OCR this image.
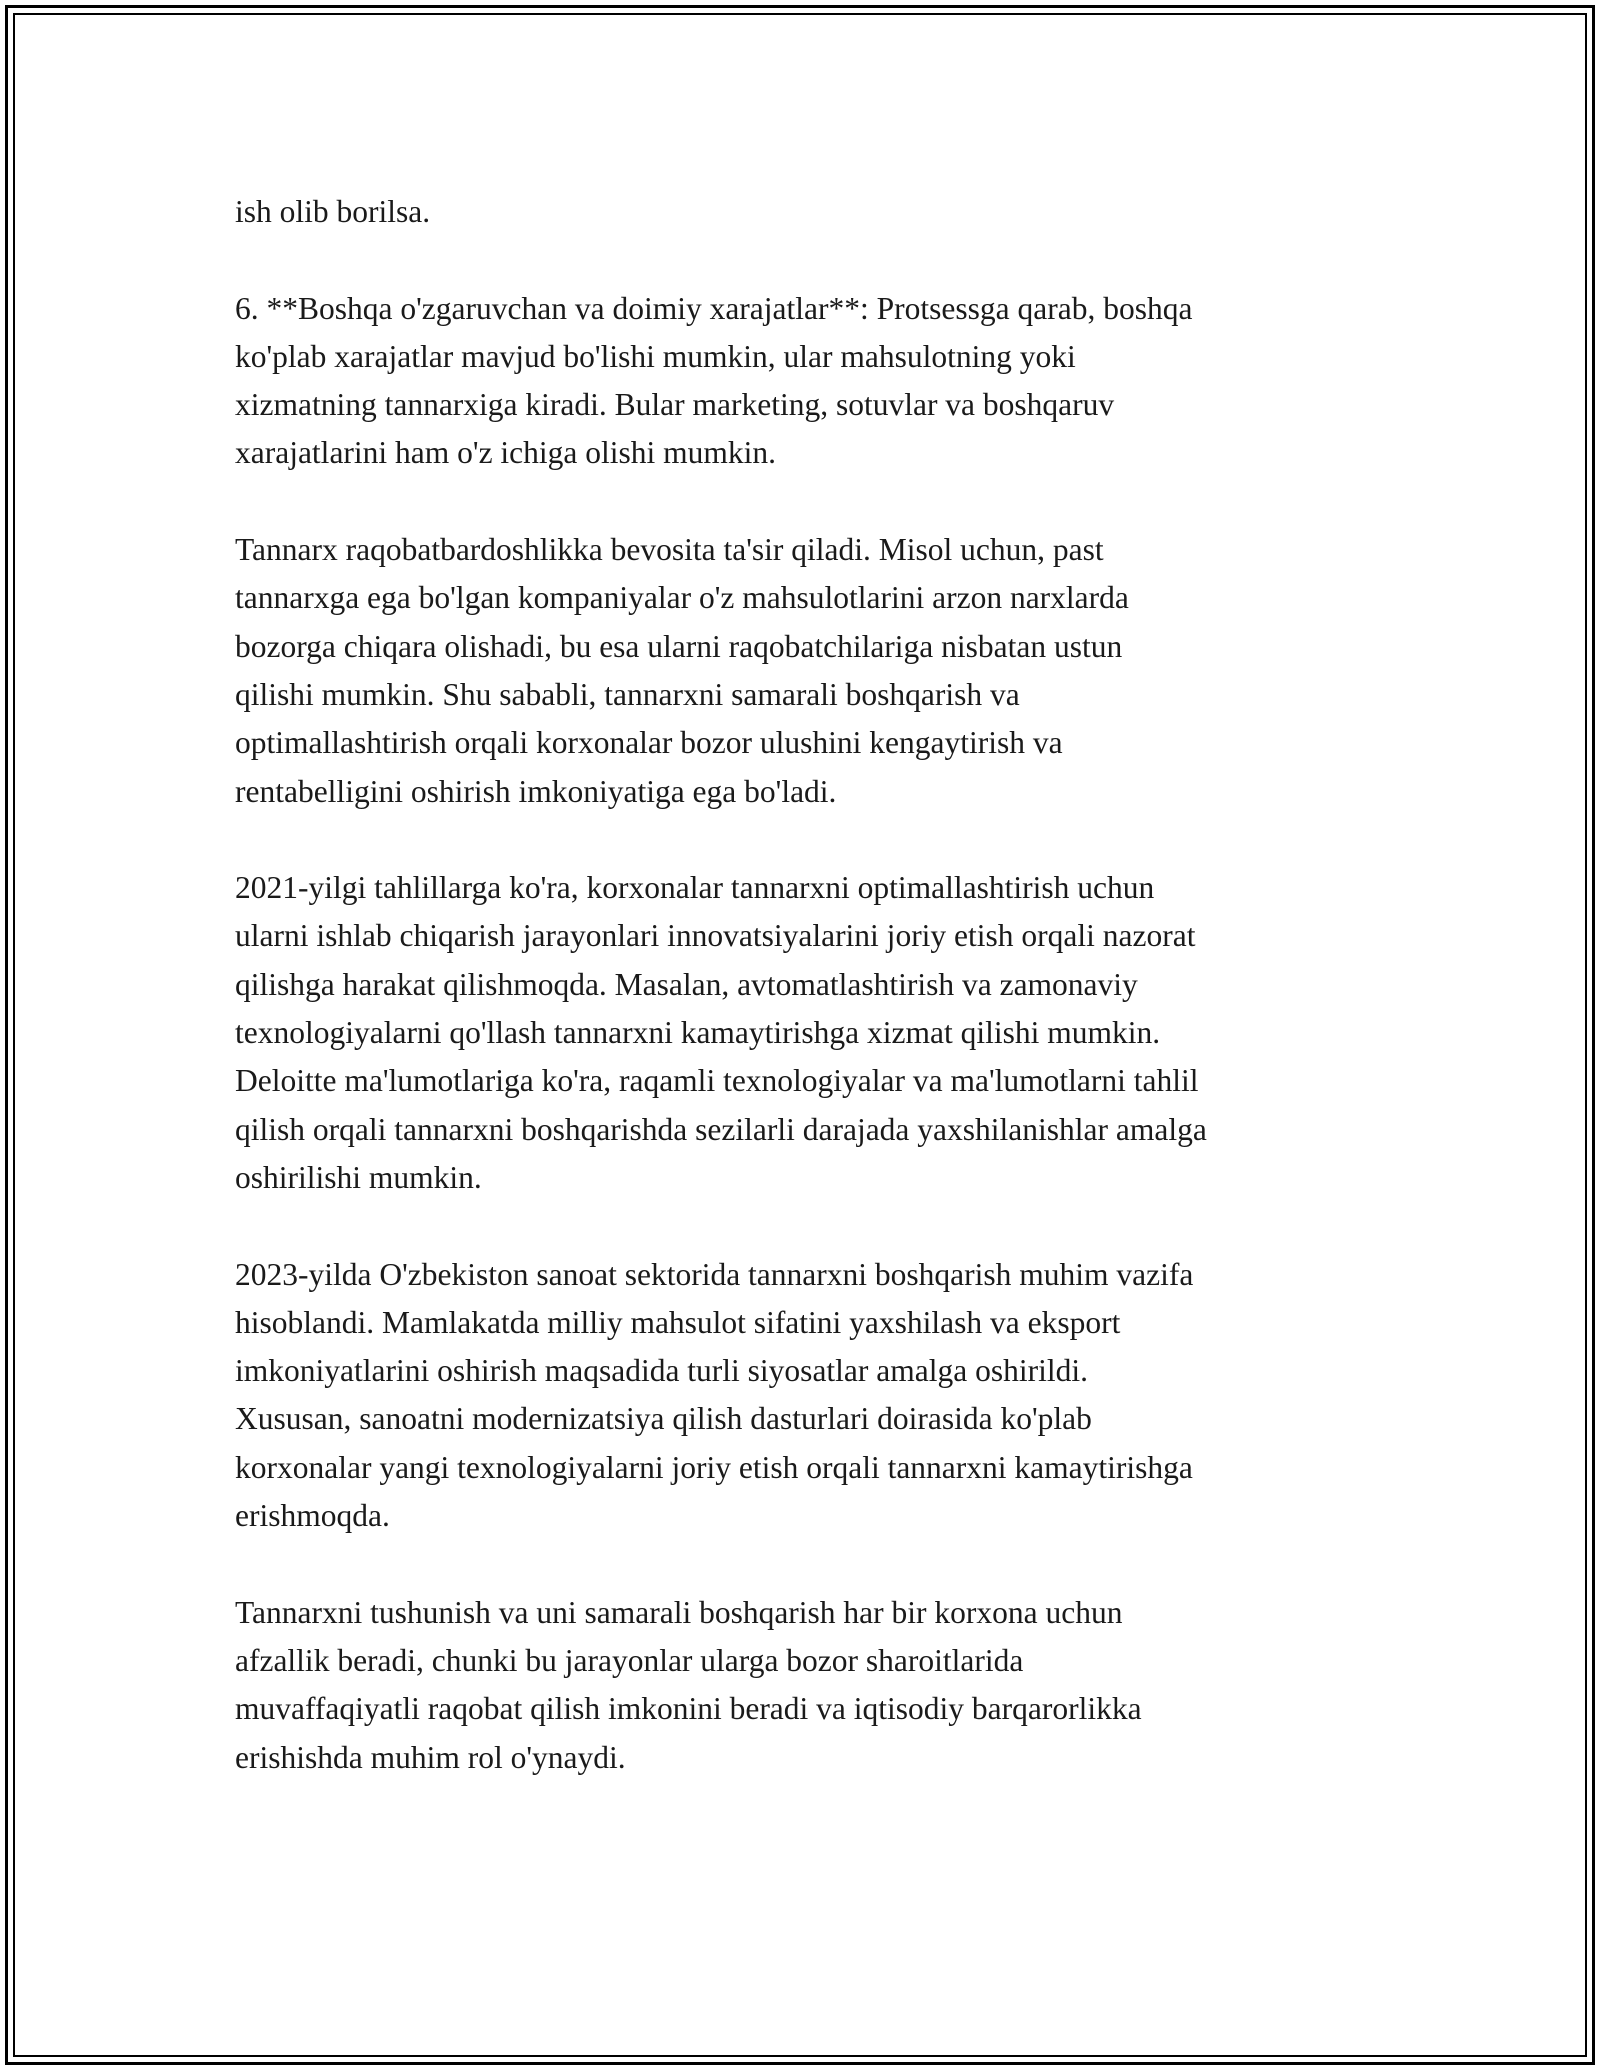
ish olib borilsa.

6. **Boshqa o'zgaruvchan va doimiy xarajatlar**: Protsessga qarab, boshqa
ko'plab xarajatlar mavjud bo'lishi mumkin, ular mahsulotning yoki
xizmatning tannarxiga kiradi. Bular marketing, sotuvlar va boshqaruv
xarajatlarini ham o'z ichiga olishi mumkin.

Tannarx raqobatbardoshlikka bevosita ta'sir qiladi. Misol uchun, past
tannarxga ega bo'lgan kompaniyalar o'z mahsulotlarini arzon narxlarda
bozorga chiqara olishadi, bu esa ularni raqobatchilariga nisbatan ustun
qilishi mumkin. Shu sababli, tannarxni samarali boshqarish va
optimallashtirish orqali korxonalar bozor ulushini kengaytirish va
rentabelligini oshirish imkoniyatiga ega bo'ladi.

2021-yilgi tahlillarga ko'ra, korxonalar tannarxni optimallashtirish uchun
ularni ishlab chiqarish jarayonlari innovatsiyalarini joriy etish orqali nazorat
qilishga harakat qilishmoqda. Masalan, avtomatlashtirish va zamonaviy
texnologiyalarni qo'llash tannarxni kamaytirishga xizmat qilishi mumkin.
Deloitte ma'lumotlariga ko'ra, raqamli texnologiyalar va ma'lumotlarni tahlil
qilish orqali tannarxni boshqarishda sezilarli darajada yaxshilanishlar amalga
oshirilishi mumkin.

2023-yilda O'zbekiston sanoat sektorida tannarxni boshqarish muhim vazifa
hisoblandi. Mamlakatda milliy mahsulot sifatini yaxshilash va eksport
imkoniyatlarini oshirish maqsadida turli siyosatlar amalga oshirildi.
Xususan, sanoatni modernizatsiya qilish dasturlari doirasida ko'plab
korxonalar yangi texnologiyalarni joriy etish orqali tannarxni kamaytirishga
erishmoqda.

Tannarxni tushunish va uni samarali boshqarish har bir korxona uchun
afzallik beradi, chunki bu jarayonlar ularga bozor sharoitlarida
muvaffaqiyatli raqobat qilish imkonini beradi va iqtisodiy barqarorlikka
erishishda muhim rol o'ynaydi.
